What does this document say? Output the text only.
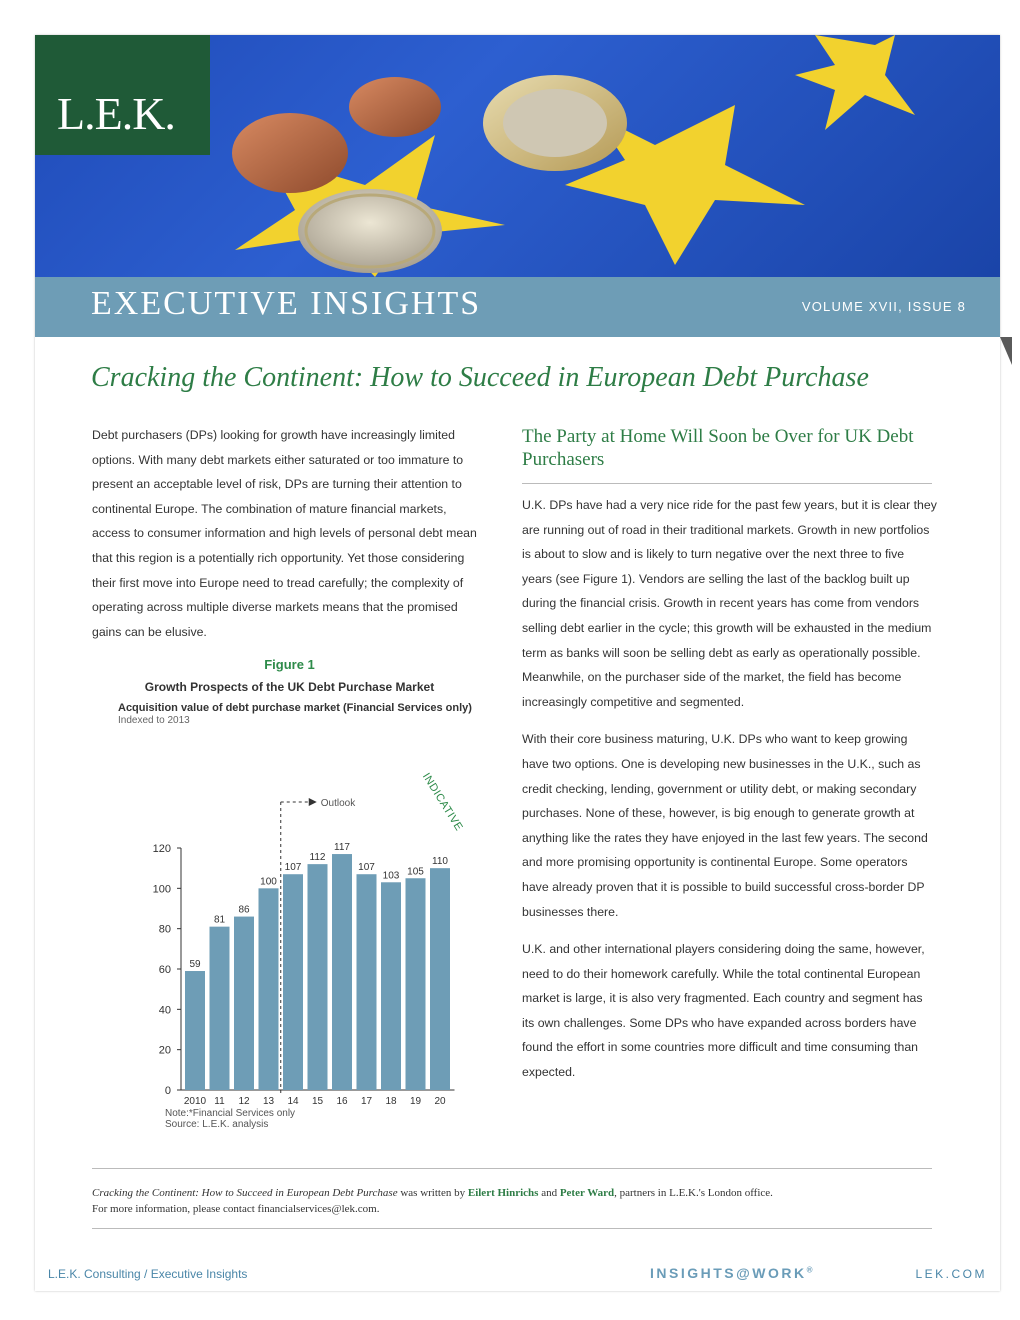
L.E.K.
EXECUTIVE INSIGHTS	VOLUME XVII, ISSUE 8
Cracking the Continent: How to Succeed in European Debt Purchase
Debt purchasers (DPs) looking for growth have increasingly limited options. With many debt markets either saturated or too immature to present an acceptable level of risk, DPs are turning their attention to continental Europe. The combination of mature financial markets, access to consumer information and high levels of personal debt mean that this region is a potentially rich opportunity. Yet those considering their first move into Europe need to tread carefully; the complexity of operating across multiple diverse markets means that the promised gains can be elusive.
Figure 1
Growth Prospects of the UK Debt Purchase Market
Acquisition value of debt purchase market (Financial Services only)
Indexed to 2013
INDICATIVE
0
20
40
60
80
100
120
59
2010
81
11
86
12
100
13
107
14
112
15
117
16
107
17
103
18
105
19
110
20
Outlook
Note:*Financial Services only
Source: L.E.K. analysis
The Party at Home Will Soon be Over for UK Debt Purchasers

U.K. DPs have had a very nice ride for the past few years, but it is clear they are running out of road in their traditional markets. Growth in new portfolios is about to slow and is likely to turn negative over the next three to five years (see Figure 1). Vendors are selling the last of the backlog built up during the financial crisis. Growth in recent years has come from vendors selling debt earlier in the cycle; this growth will be exhausted in the medium term as banks will soon be selling debt as early as operationally possible. Meanwhile, on the purchaser side of the market, the field has become increasingly competitive and segmented.

With their core business maturing, U.K. DPs who want to keep growing have two options. One is developing new businesses in the U.K., such as credit checking, lending, government or utility debt, or making secondary purchases. None of these, however, is big enough to generate growth at anything like the rates they have enjoyed in the last few years. The second and more promising opportunity is continental Europe. Some operators have already proven that it is possible to build successful cross-border DP businesses there.

U.K. and other international players considering doing the same, however, need to do their homework carefully. While the total continental European market is large, it is also very fragmented. Each country and segment has its own challenges. Some DPs who have expanded across borders have found the effort in some countries more difficult and time consuming than expected.

Cracking the Continent: How to Succeed in European Debt Purchase was written by Eilert Hinrichs and Peter Ward, partners in L.E.K.'s London office.
For more information, please contact financialservices@lek.com.
L.E.K. Consulting / Executive Insights	INSIGHTS@WORK®	LEK.COM
